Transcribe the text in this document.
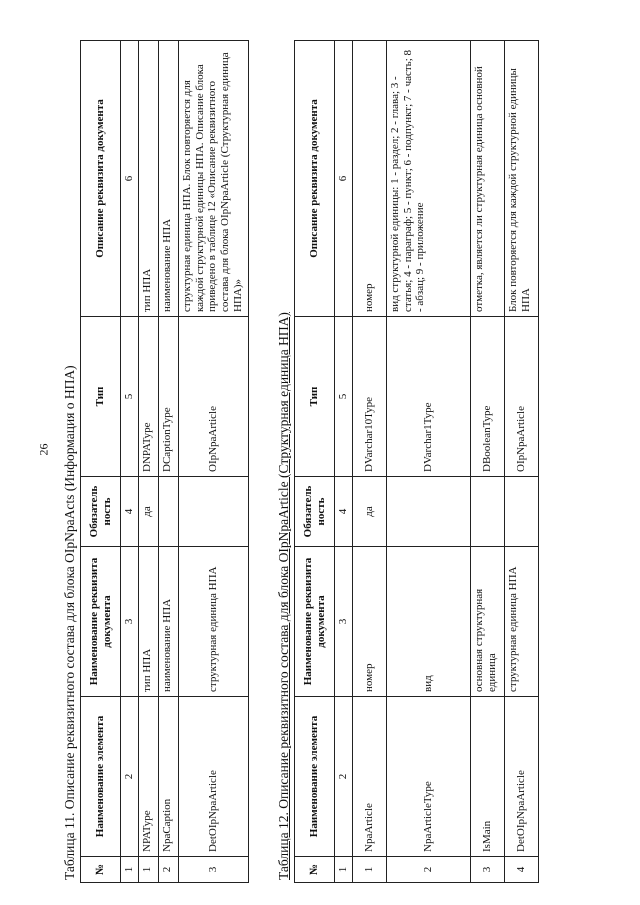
26 Таблица 11. Описание реквизитного состава для блока OIpNpaActs (Информация о НПА) №	Наименование элемента	Наименование реквизита документа	Обязатель ность	Тип	Описание реквизита документа
1	2	3	4	5	6
1	NPAType	тип НПА	да	DNPAType	тип НПА
2	NpaCaption	наименование НПА		DCaptionType	наименование НПА
3	DetOIpNpaArticle	структурная единица НПА		OIpNpaArticle	структурная единица НПА. Блок повторяется для каждой структурной единицы НПА. Описание блока приведено в таблице 12 «Описание реквизитного состава для блока OIpNpaArticle (Структурная единица НПА)»
Таблица 12. Описание реквизитного состава для блока OIpNpaArticle (Структурная единица НПА) №	Наименование элемента	Наименование реквизита документа	Обязатель ность	Тип	Описание реквизита документа
1	2	3	4	5	6
1	NpaArticle	номер	да	DVarchar10Type	номер
2	NpaArticleType	вид		DVarchar1Type	вид структурной единицы: 1 - раздел; 2 - глава; 3 - статья; 4 - параграф; 5 - пункт; 6 - подпункт; 7 - часть; 8 - абзац; 9 - приложение
3	IsMain	основная структурная единица		DBooleanType	отметка, является ли структурная единица основной
4	DetOIpNpaArticle	структурная единица НПА		OIpNpaArticle	Блок повторяется для каждой структурной единицы НПА
